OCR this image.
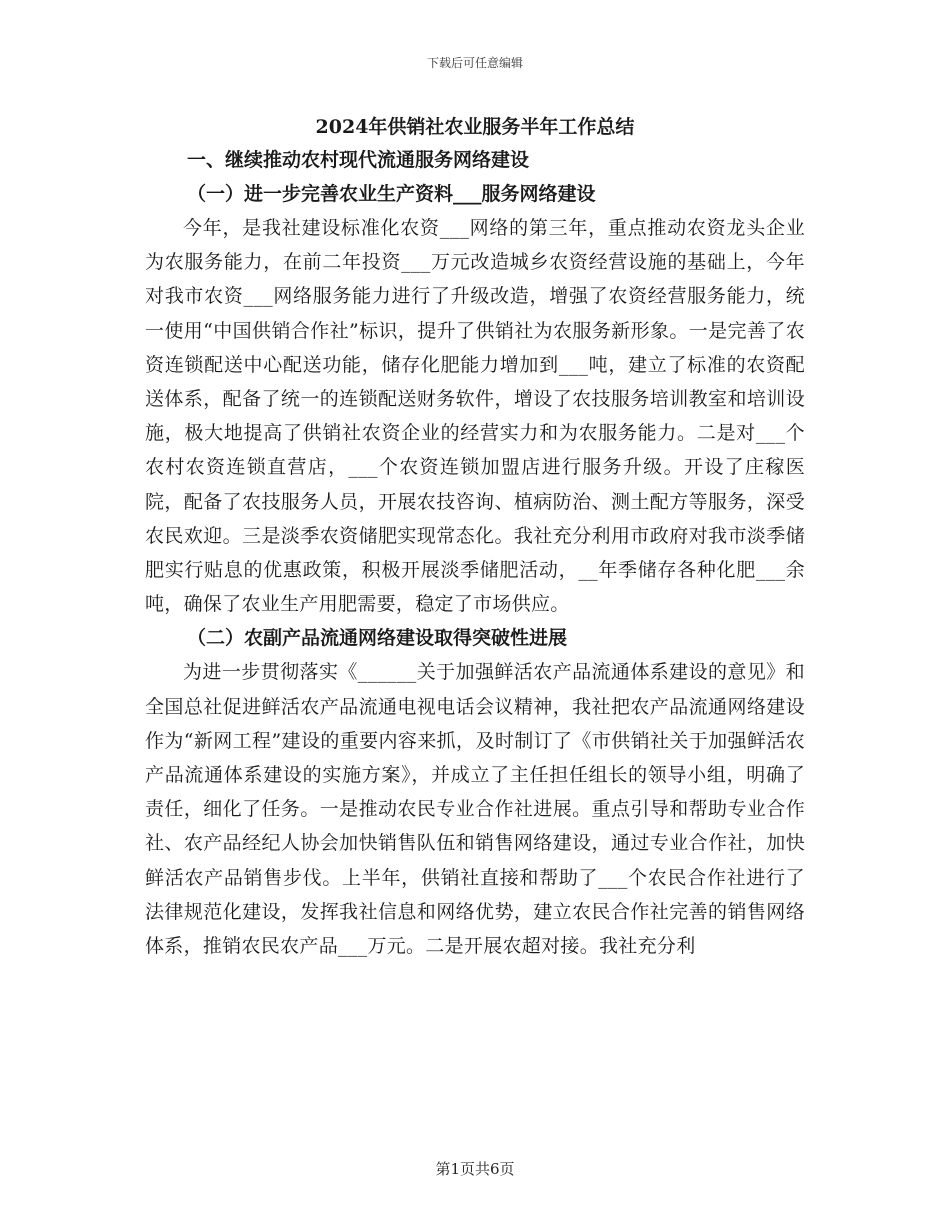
下载后可任意编辑
2024年供销社农业服务半年工作总结

一、继续推动农村现代流通服务网络建设

（一）进一步完善农业生产资料___服务网络建设

今年，是我社建设标准化农资___网络的第三年，重点推动农资龙头企业为农服务能力，在前二年投资___万元改造城乡农资经营设施的基础上，今年对我市农资___网络服务能力进行了升级改造，增强了农资经营服务能力，统一使用“中国供销合作社”标识，提升了供销社为农服务新形象。一是完善了农资连锁配送中心配送功能，储存化肥能力增加到___吨，建立了标准的农资配送体系，配备了统一的连锁配送财务软件，增设了农技服务培训教室和培训设施，极大地提高了供销社农资企业的经营实力和为农服务能力。二是对___个农村农资连锁直营店，___个农资连锁加盟店进行服务升级。开设了庄稼医院，配备了农技服务人员，开展农技咨询、植病防治、测土配方等服务，深受农民欢迎。三是淡季农资储肥实现常态化。我社充分利用市政府对我市淡季储肥实行贴息的优惠政策，积极开展淡季储肥活动，__年季储存各种化肥___余吨，确保了农业生产用肥需要，稳定了市场供应。

（二）农副产品流通网络建设取得突破性进展

为进一步贯彻落实《______关于加强鲜活农产品流通体系建设的意见》和全国总社促进鲜活农产品流通电视电话会议精神，我社把农产品流通网络建设作为“新网工程”建设的重要内容来抓，及时制订了《市供销社关于加强鲜活农产品流通体系建设的实施方案》，并成立了主任担任组长的领导小组，明确了责任，细化了任务。一是推动农民专业合作社进展。重点引导和帮助专业合作社、农产品经纪人协会加快销售队伍和销售网络建设，通过专业合作社，加快鲜活农产品销售步伐。上半年，供销社直接和帮助了___个农民合作社进行了法律规范化建设，发挥我社信息和网络优势，建立农民合作社完善的销售网络体系，推销农民农产品___万元。二是开展农超对接。我社充分利

第1页共6页
